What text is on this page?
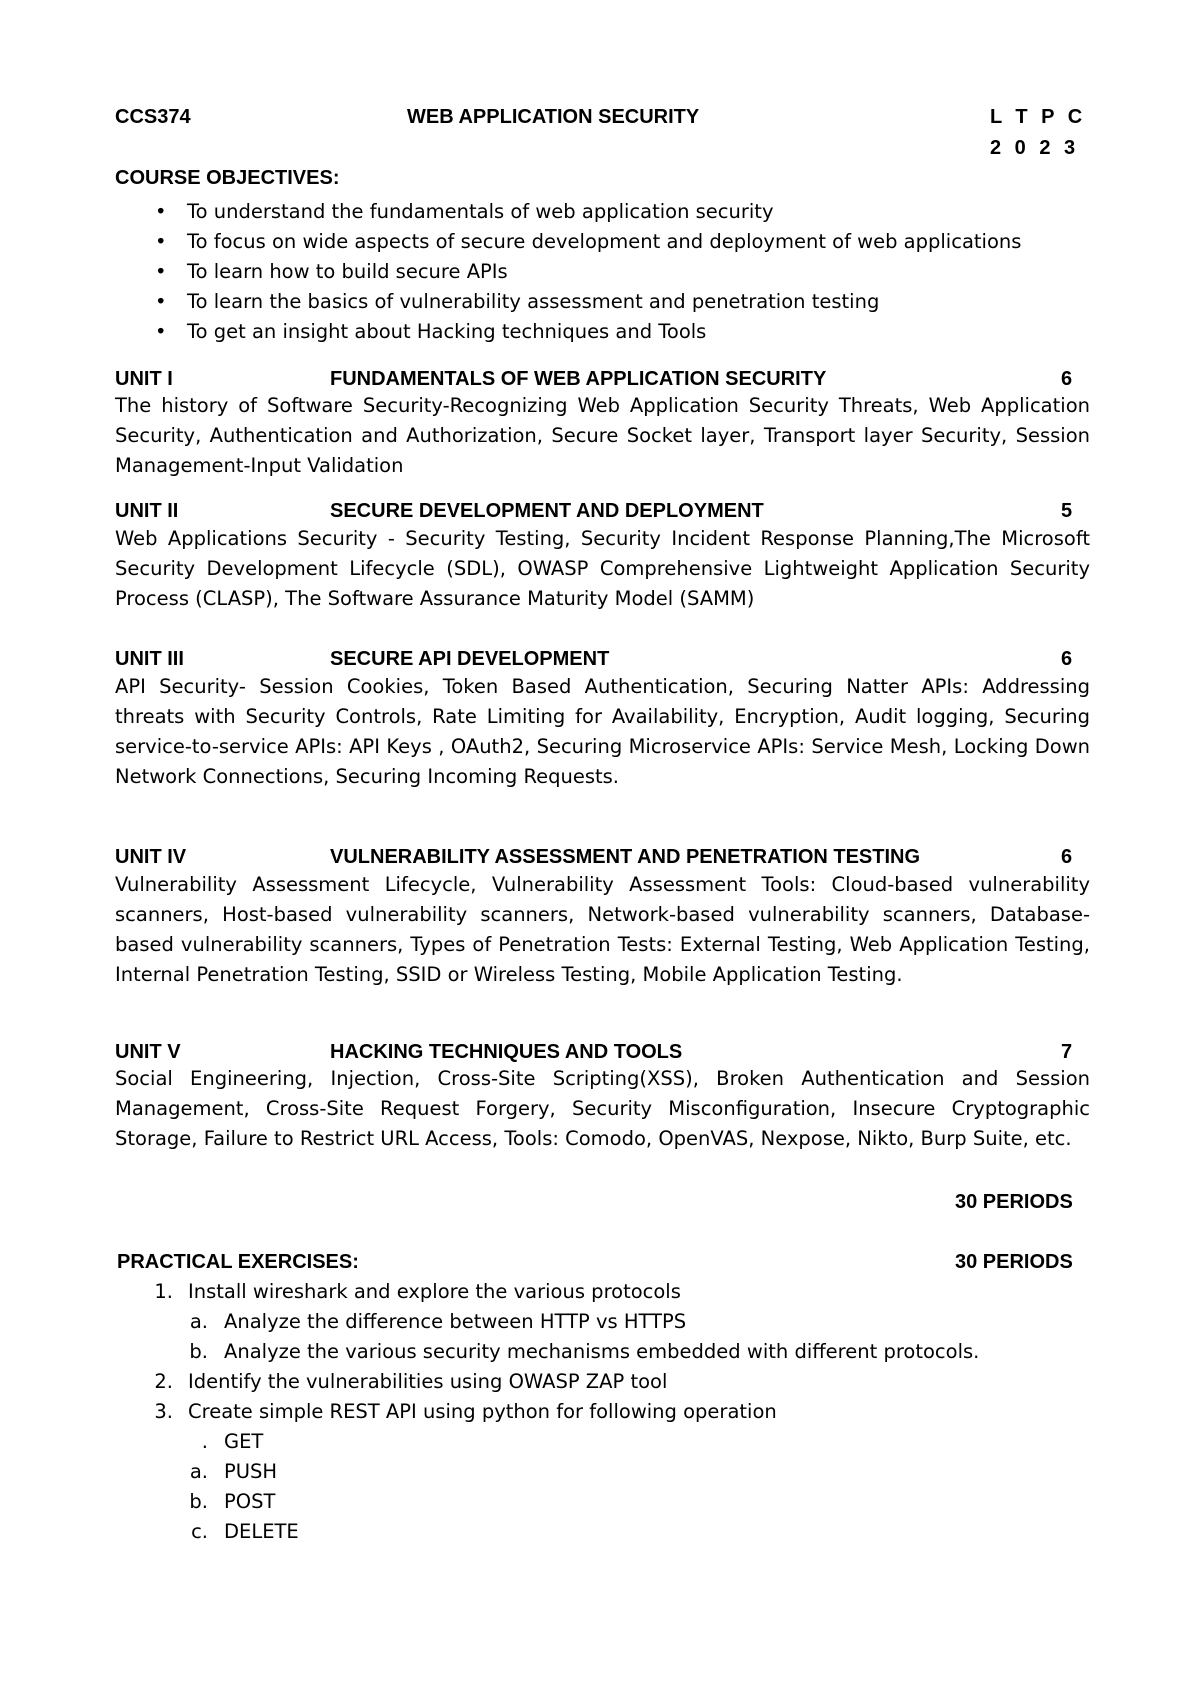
CCS374	WEB APPLICATION SECURITY	L T P C
2 0 2 3
COURSE OBJECTIVES:
• To understand the fundamentals of web application security
• To focus on wide aspects of secure development and deployment of web applications
• To learn how to build secure APIs
• To learn the basics of vulnerability assessment and penetration testing
• To get an insight about Hacking techniques and Tools
UNIT I	FUNDAMENTALS OF WEB APPLICATION SECURITY	6
The history of Software Security-Recognizing Web Application Security Threats, Web Application Security, Authentication and Authorization, Secure Socket layer, Transport layer Security, Session Management-Input Validation
UNIT II	SECURE DEVELOPMENT AND DEPLOYMENT	5
Web Applications Security - Security Testing, Security Incident Response Planning,The Microsoft Security Development Lifecycle (SDL), OWASP Comprehensive Lightweight Application Security Process (CLASP), The Software Assurance Maturity Model (SAMM)
UNIT III	SECURE API DEVELOPMENT	6
API Security- Session Cookies, Token Based Authentication, Securing Natter APIs: Addressing threats with Security Controls, Rate Limiting for Availability, Encryption, Audit logging, Securing service-to-service APIs: API Keys , OAuth2, Securing Microservice APIs: Service Mesh, Locking Down Network Connections, Securing Incoming Requests.
UNIT IV	VULNERABILITY ASSESSMENT AND PENETRATION TESTING	6
Vulnerability Assessment Lifecycle, Vulnerability Assessment Tools: Cloud-based vulnerability scanners, Host-based vulnerability scanners, Network-based vulnerability scanners, Database- based vulnerability scanners, Types of Penetration Tests: External Testing, Web Application Testing, Internal Penetration Testing, SSID or Wireless Testing, Mobile Application Testing.
UNIT V	HACKING TECHNIQUES AND TOOLS	7
Social Engineering, Injection, Cross-Site Scripting(XSS), Broken Authentication and Session Management, Cross-Site Request Forgery, Security Misconfiguration, Insecure Cryptographic Storage, Failure to Restrict URL Access, Tools: Comodo, OpenVAS, Nexpose, Nikto, Burp Suite, etc.
30 PERIODS
PRACTICAL EXERCISES:	30 PERIODS
1. Install wireshark and explore the various protocols
a. Analyze the difference between HTTP vs HTTPS
b. Analyze the various security mechanisms embedded with different protocols.
2. Identify the vulnerabilities using OWASP ZAP tool
3. Create simple REST API using python for following operation
. GET
a. PUSH
b. POST
c. DELETE
